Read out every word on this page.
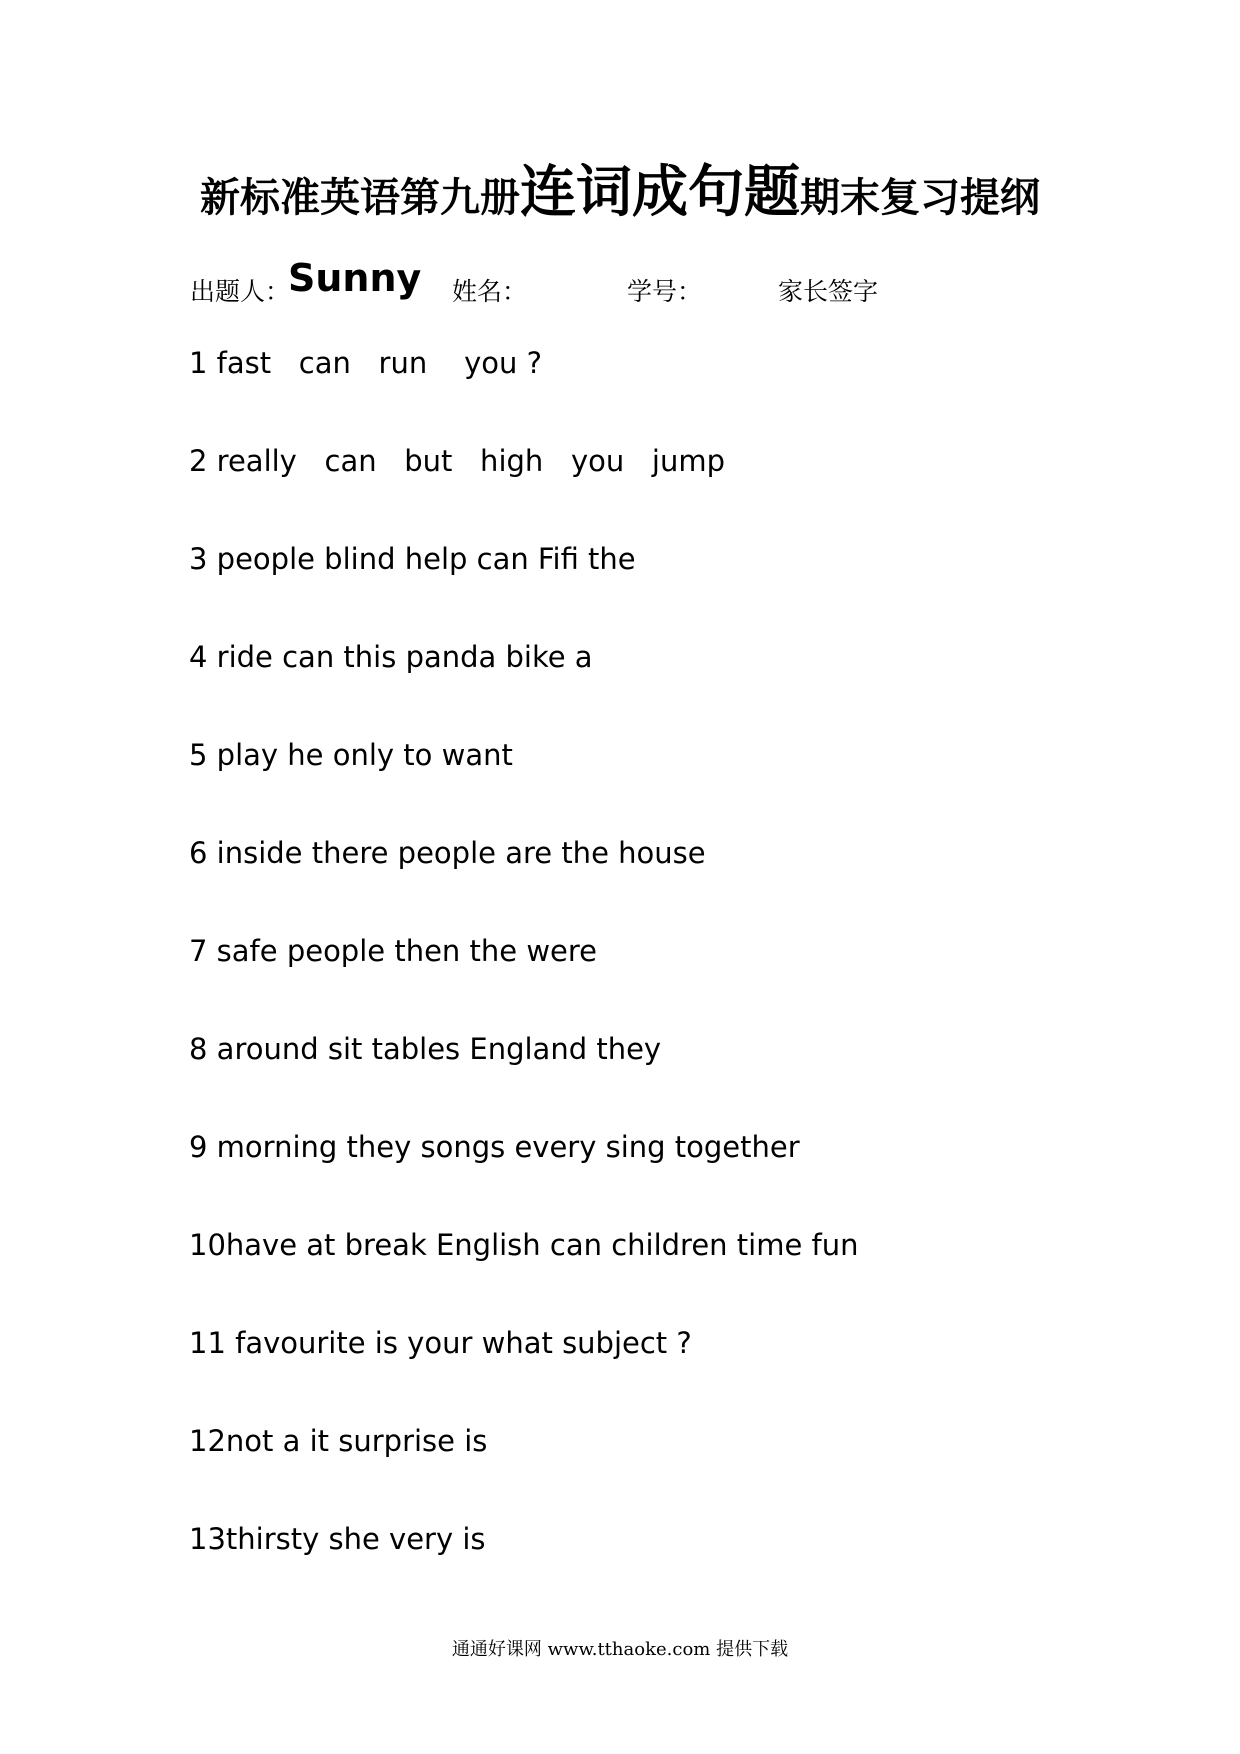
新标准英语第九册连词成句题期末复习提纲
出题人：
Sunny 姓名：	学号：	家长签字
1 fast   can   run    you ?
2 really   can   but   high   you   jump
3 people blind help can Fifi the
4 ride can this panda bike a
5 play he only to want
6 inside there people are the house
7 safe people then the were
8 around sit tables England they
9 morning they songs every sing together
10have at break English can children time fun
11 favourite is your what subject ?
12not a it surprise is
13thirsty she very is
通通好课网 www.tthaoke.com 提供下载
